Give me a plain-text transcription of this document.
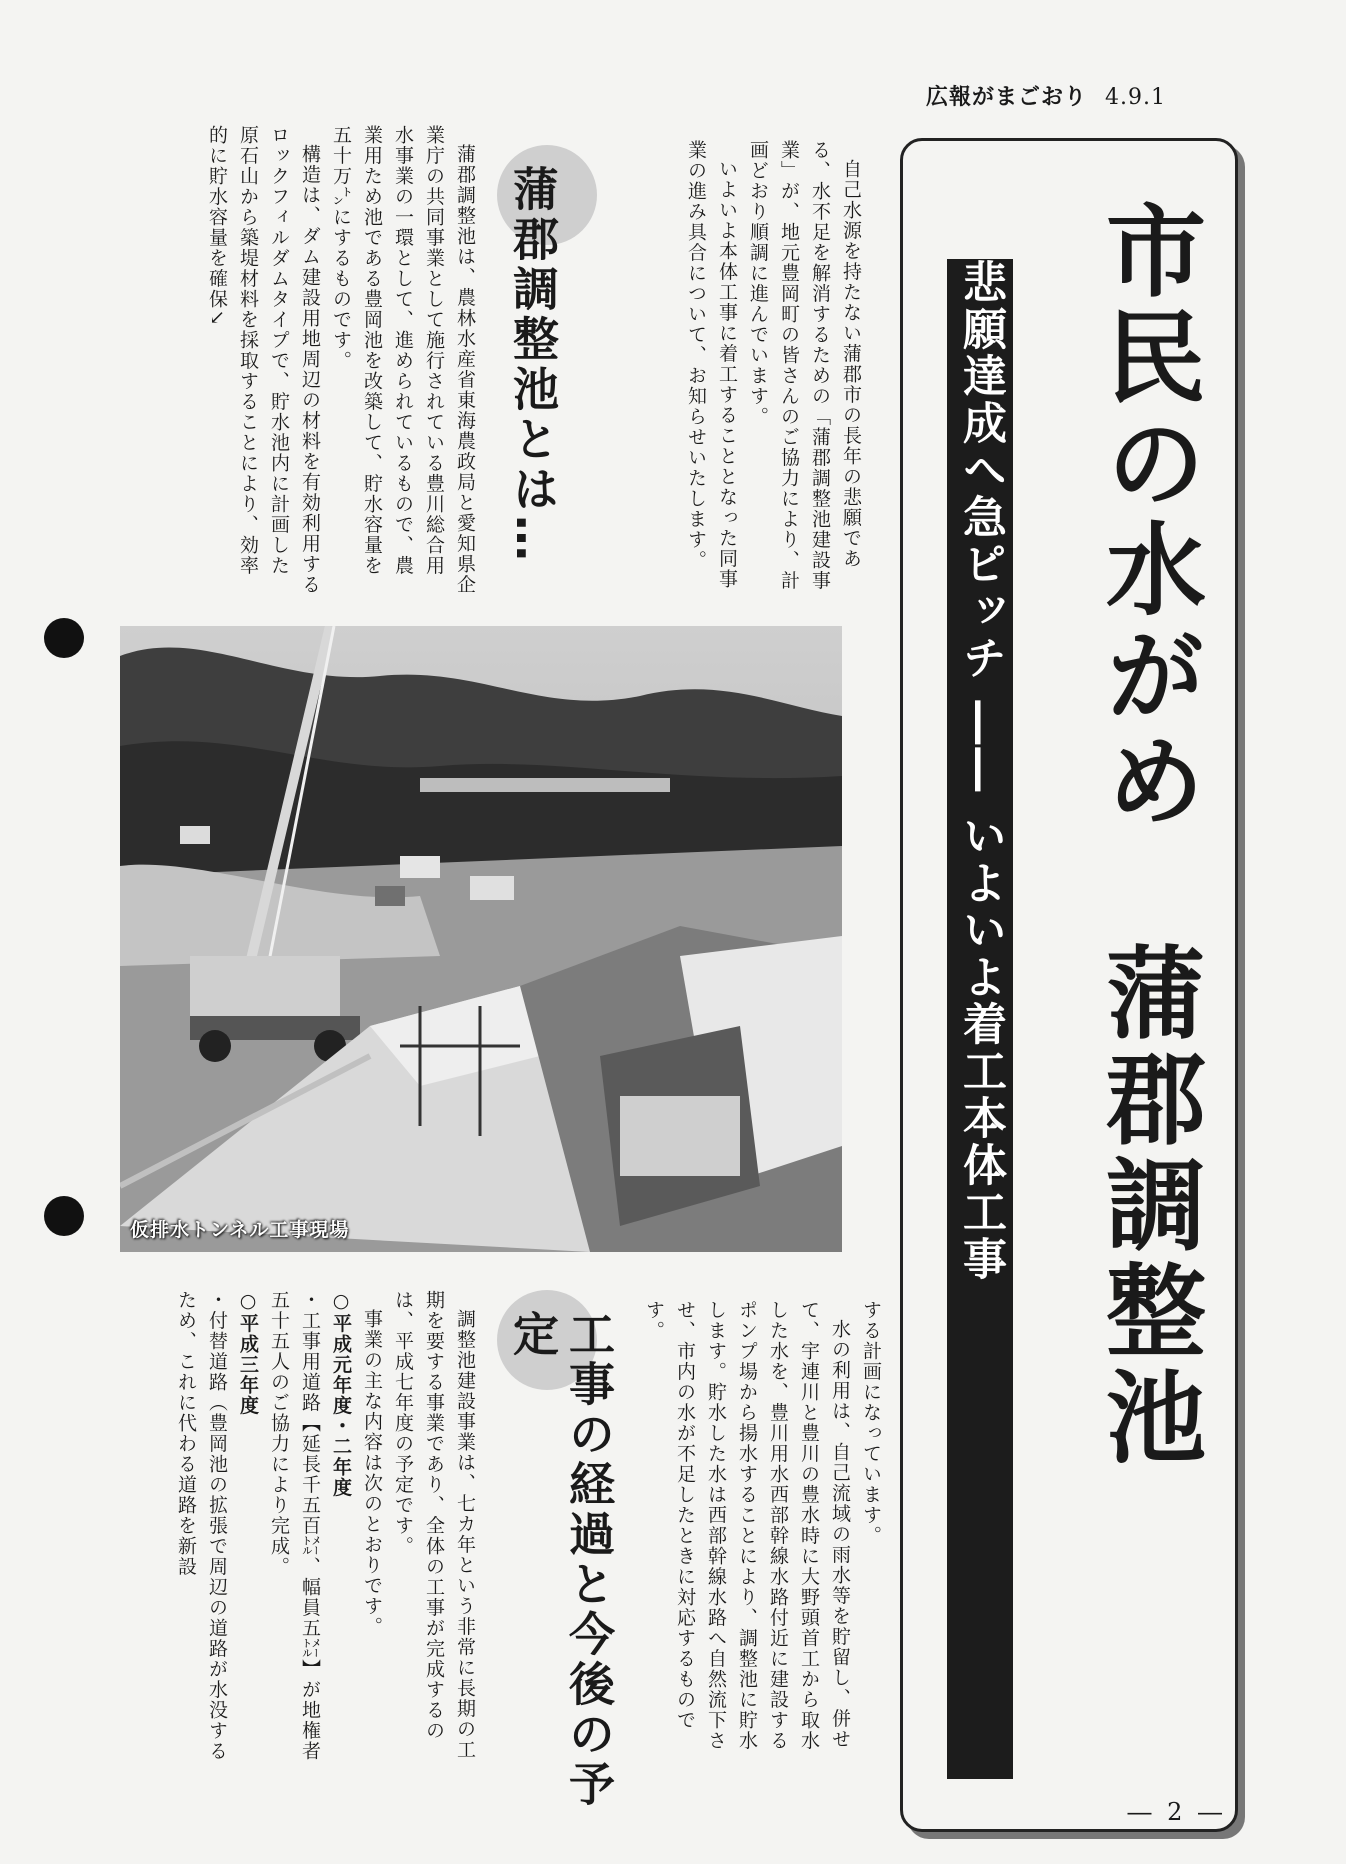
広報がまごおり 4.9.1
市民の水がめ　蒲郡調整池
悲願達成へ急ピッチ ―― いよいよ着工本体工事

自己水源を持たない蒲郡市の長年の悲願である、水不足を解消するための「蒲郡調整池建設事業」が、地元豊岡町の皆さんのご協力により、計画どおり順調に進んでいます。

いよいよ本体工事に着工することとなった同事業の進み具合について、お知らせいたします。

蒲郡調整池とは…

蒲郡調整池は、農林水産省東海農政局と愛知県企業庁の共同事業として施行されている豊川総合用水事業の一環として、進められているもので、農業用ため池である豊岡池を改築して、貯水容量を五十万㌧にするものです。

構造は、ダム建設用地周辺の材料を有効利用するロックフィルダムタイプで、貯水池内に計画した原石山から築堤材料を採取することにより、効率的に貯水容量を確保↘

仮排水トンネル工事現場

する計画になっています。

水の利用は、自己流域の雨水等を貯留し、併せて、宇連川と豊川の豊水時に大野頭首工から取水した水を、豊川用水西部幹線水路付近に建設するポンプ場から揚水することにより、調整池に貯水します。貯水した水は西部幹線水路へ自然流下させ、市内の水が不足したときに対応するものです。

工事の経過と今後の予定

調整池建設事業は、七カ年という非常に長期の工期を要する事業であり、全体の工事が完成するのは、平成七年度の予定です。

事業の主な内容は次のとおりです。

○平成元年度・二年度

・工事用道路【延長千五百㍍、幅員五㍍】が地権者五十五人のご協力により完成。

○平成三年度

・付替道路（豊岡池の拡張で周辺の道路が水没するため、これに代わる道路を新設

― 2 ―
